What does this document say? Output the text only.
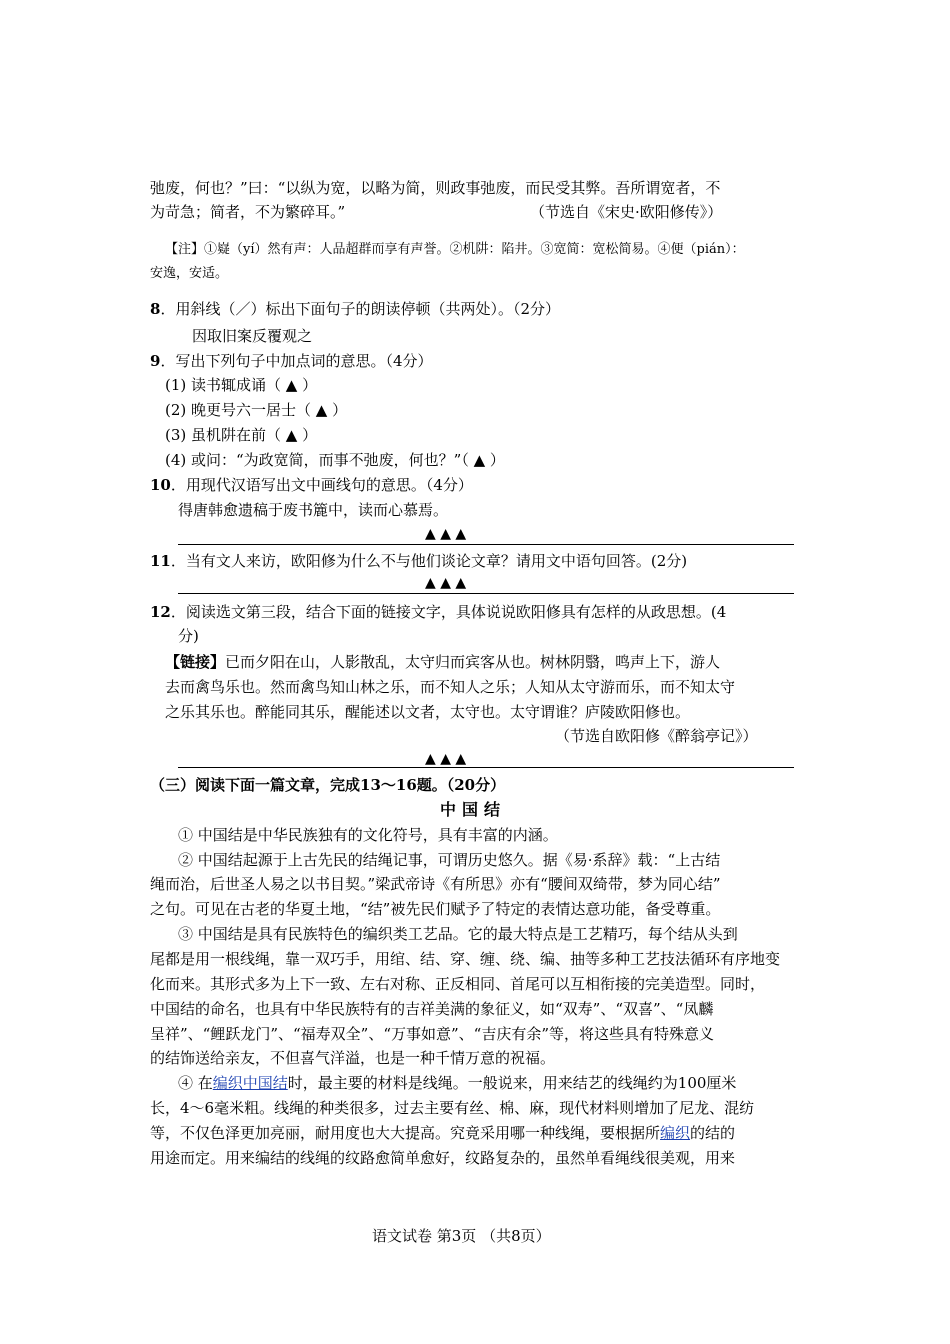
弛废，何也？”曰：“以纵为宽，以略为简，则政事弛废，而民受其弊。吾所谓宽者，不
为苛急；简者，不为繁碎耳。”	（节选自《宋史·欧阳修传》）
【注】①嶷（yí）然有声：人品超群而享有声誉。②机阱：陷井。③宽简：宽松简易。④便（pián）：
安逸，安适。
8．用斜线（／）标出下面句子的朗读停顿（共两处）。（2分）
因取旧案反覆观之
9．写出下列句子中加点词的意思。（4分）
(1) 读书辄成诵（ ▲ ）
(2) 晚更号六一居士（ ▲ ）
(3) 虽机阱在前（ ▲ ）
(4) 或问：“为政宽简，而事不弛废，何也？”（ ▲ ）
10．用现代汉语写出文中画线句的意思。（4分）
得唐韩愈遗稿于废书簏中，读而心慕焉。
▲ ▲ ▲
11．当有文人来访，欧阳修为什么不与他们谈论文章？请用文中语句回答。(2分)
▲ ▲ ▲
12．阅读选文第三段，结合下面的链接文字，具体说说欧阳修具有怎样的从政思想。(4
分)
【链接】已而夕阳在山，人影散乱，太守归而宾客从也。树林阴翳，鸣声上下，游人
去而禽鸟乐也。然而禽鸟知山林之乐，而不知人之乐；人知从太守游而乐，而不知太守
之乐其乐也。醉能同其乐，醒能述以文者，太守也。太守谓谁？庐陵欧阳修也。
（节选自欧阳修《醉翁亭记》）
▲ ▲ ▲
（三）阅读下面一篇文章，完成13～16题。（20分）
中国结
① 中国结是中华民族独有的文化符号，具有丰富的内涵。
② 中国结起源于上古先民的结绳记事，可谓历史悠久。据《易·系辞》载：“上古结
绳而治，后世圣人易之以书目契。”梁武帝诗《有所思》亦有“腰间双绮带，梦为同心结”
之句。可见在古老的华夏土地，“结”被先民们赋予了特定的表情达意功能，备受尊重。
③ 中国结是具有民族特色的编织类工艺品。它的最大特点是工艺精巧，每个结从头到
尾都是用一根线绳，靠一双巧手，用绾、结、穿、缠、绕、编、抽等多种工艺技法循环有序地变
化而来。其形式多为上下一致、左右对称、正反相同、首尾可以互相衔接的完美造型。同时，
中国结的命名，也具有中华民族特有的吉祥美满的象征义，如“双寿”、“双喜”、“凤麟
呈祥”、“鲤跃龙门”、“福寿双全”、“万事如意”、“吉庆有余”等，将这些具有特殊意义
的结饰送给亲友，不但喜气洋溢，也是一种千情万意的祝福。
④ 在编织中国结时，最主要的材料是线绳。一般说来，用来结艺的线绳约为100厘米
长，4～6毫米粗。线绳的种类很多，过去主要有丝、棉、麻，现代材料则增加了尼龙、混纺
等，不仅色泽更加亮丽，耐用度也大大提高。究竟采用哪一种线绳，要根据所编织的结的
用途而定。用来编结的线绳的纹路愈简单愈好，纹路复杂的，虽然单看绳线很美观，用来
语文试卷 第3页 （共8页）
